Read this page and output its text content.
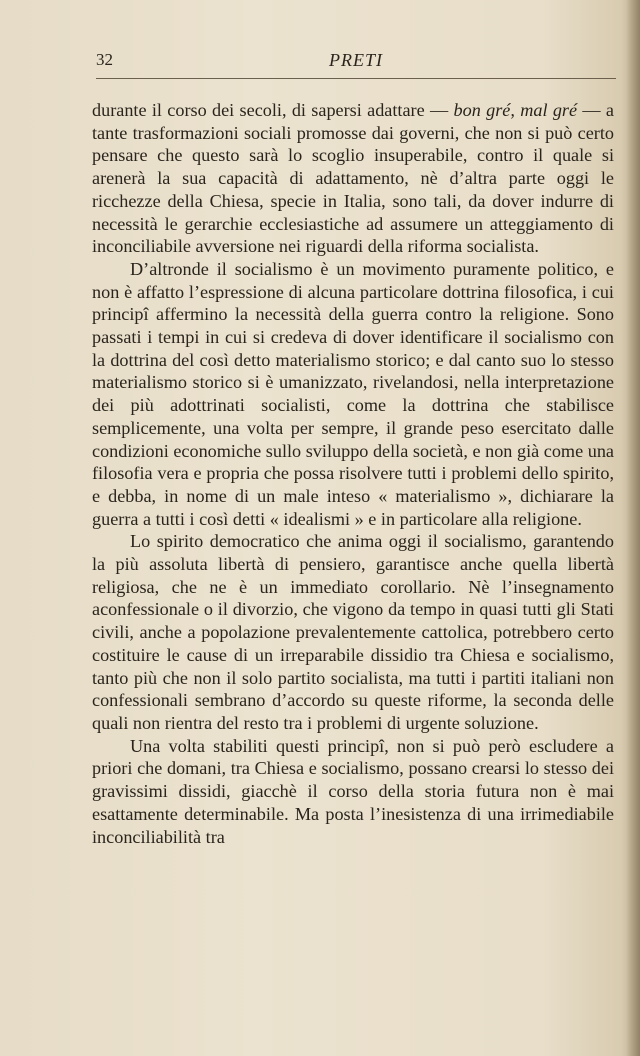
32	PRETI

durante il corso dei secoli, di sapersi adattare — bon gré, mal gré — a tante trasformazioni sociali promosse dai governi, che non si può certo pensare che questo sarà lo scoglio insuperabile, contro il quale si arenerà la sua capacità di adattamento, nè d’altra parte oggi le ricchezze della Chiesa, specie in Italia, sono tali, da dover indurre di necessità le gerarchie ecclesiastiche ad assumere un atteggiamento di inconciliabile avversione nei riguardi della riforma socialista.

D’altronde il socialismo è un movimento puramente politico, e non è affatto l’espressione di alcuna particolare dottrina filosofica, i cui principî affermino la necessità della guerra contro la religione. Sono passati i tempi in cui si credeva di dover identificare il socialismo con la dottrina del così detto materialismo storico; e dal canto suo lo stesso materialismo storico si è umanizzato, rivelandosi, nella interpretazione dei più adottrinati socialisti, come la dottrina che stabilisce semplicemente, una volta per sempre, il grande peso esercitato dalle condizioni economiche sullo sviluppo della società, e non già come una filosofia vera e propria che possa risolvere tutti i problemi dello spirito, e debba, in nome di un male inteso « materialismo », dichiarare la guerra a tutti i così detti « idealismi » e in particolare alla religione.

Lo spirito democratico che anima oggi il socialismo, garantendo la più assoluta libertà di pensiero, garantisce anche quella libertà religiosa, che ne è un immediato corollario. Nè l’insegnamento aconfessionale o il divorzio, che vigono da tempo in quasi tutti gli Stati civili, anche a popolazione prevalentemente cattolica, potrebbero certo costituire le cause di un irreparabile dissidio tra Chiesa e socialismo, tanto più che non il solo partito socialista, ma tutti i partiti italiani non confessionali sembrano d’accordo su queste riforme, la seconda delle quali non rientra del resto tra i problemi di urgente soluzione.

Una volta stabiliti questi principî, non si può però escludere a priori che domani, tra Chiesa e socialismo, possano crearsi lo stesso dei gravissimi dissidi, giacchè il corso della storia futura non è mai esattamente determinabile. Ma posta l’inesistenza di una irrimediabile inconciliabilità tra
